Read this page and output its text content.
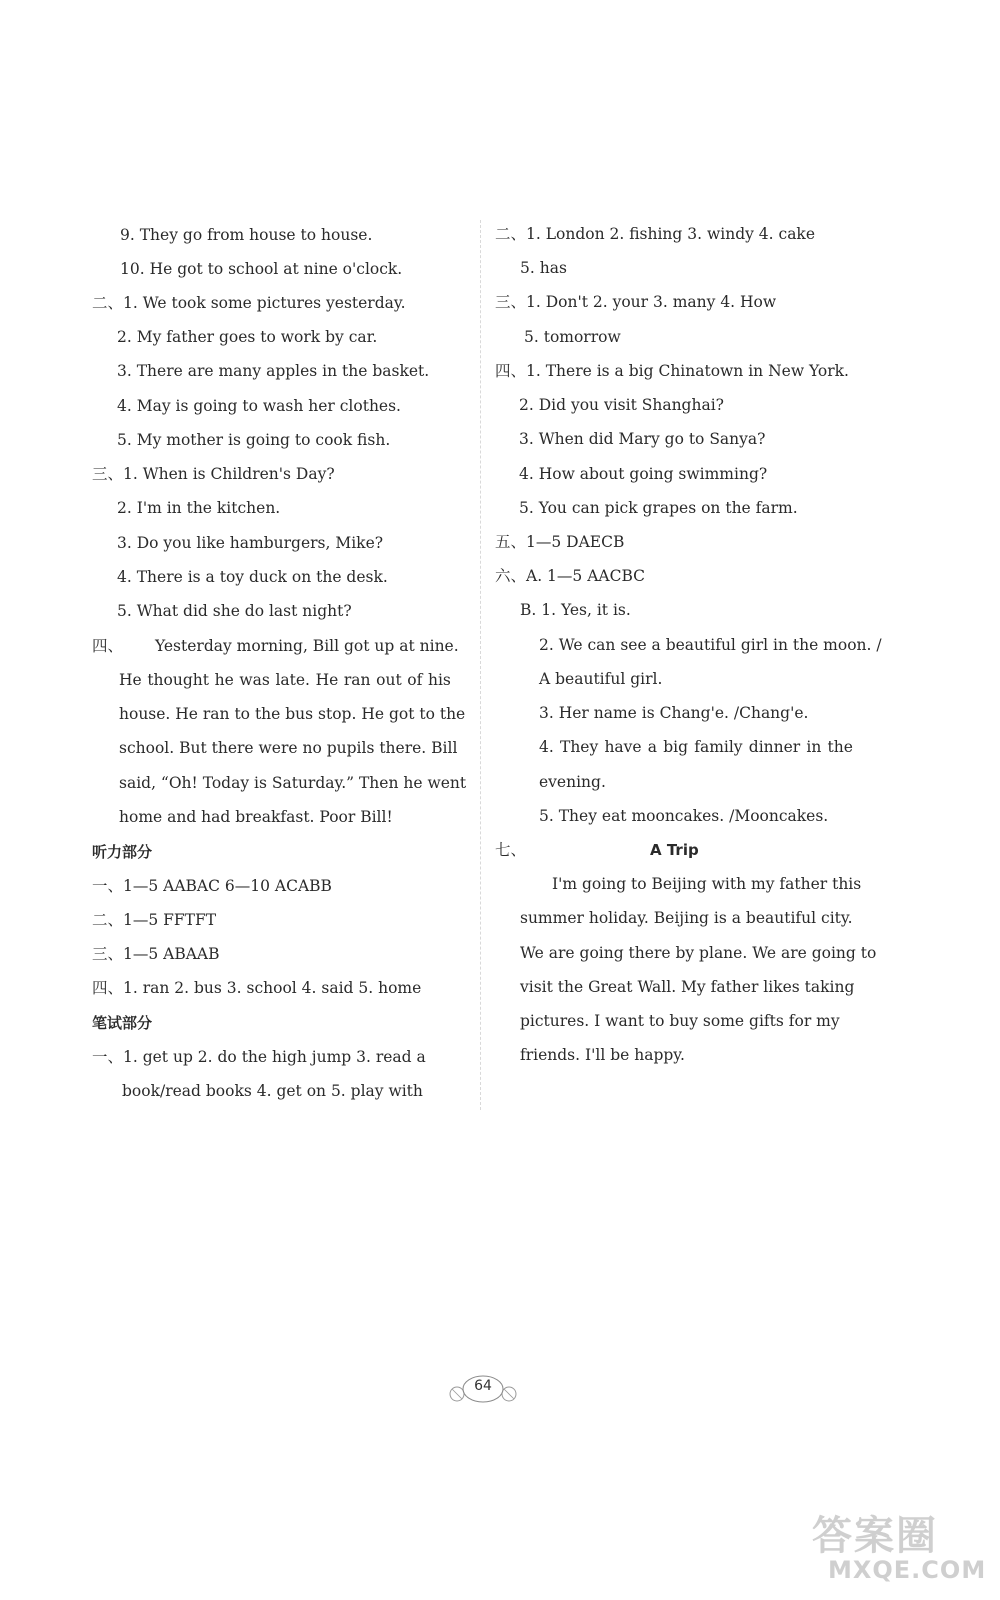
9. They go from house to house.
10. He got to school at nine o'clock.
二、1. We took some pictures yesterday.
2. My father goes to work by car.
3. There are many apples in the basket.
4. May is going to wash her clothes.
5. My mother is going to cook fish.
三、1. When is Children's Day?
2. I'm in the kitchen.
3. Do you like hamburgers, Mike?
4. There is a toy duck on the desk.
5. What did she do last night?
四、 Yesterday morning, Bill got up at nine.
He thought he was late. He ran out of his
house. He ran to the bus stop. He got to the
school. But there were no pupils there. Bill
said, “Oh! Today is Saturday.” Then he went
home and had breakfast. Poor Bill!
听力部分
一、1—5 AABAC 6—10 ACABB
二、1—5 FFTFT
三、1—5 ABAAB
四、1. ran 2. bus 3. school 4. said 5. home
笔试部分
一、1. get up 2. do the high jump 3. read a
book/read books 4. get on 5. play with
二、1. London 2. fishing 3. windy 4. cake
5. has
三、1. Don't 2. your 3. many 4. How
5. tomorrow
四、1. There is a big Chinatown in New York.
2. Did you visit Shanghai?
3. When did Mary go to Sanya?
4. How about going swimming?
5. You can pick grapes on the farm.
五、1—5 DAECB
六、A. 1—5 AACBC
B. 1. Yes, it is.
2. We can see a beautiful girl in the moon. /
A beautiful girl.
3. Her name is Chang'e. /Chang'e.
4. They have a big family dinner in the
evening.
5. They eat mooncakes. /Mooncakes.
七、	A Trip
I'm going to Beijing with my father this
summer holiday. Beijing is a beautiful city.
We are going there by plane. We are going to
visit the Great Wall. My father likes taking
pictures. I want to buy some gifts for my
friends. I'll be happy.
64
答案圈
MXQE.COM
